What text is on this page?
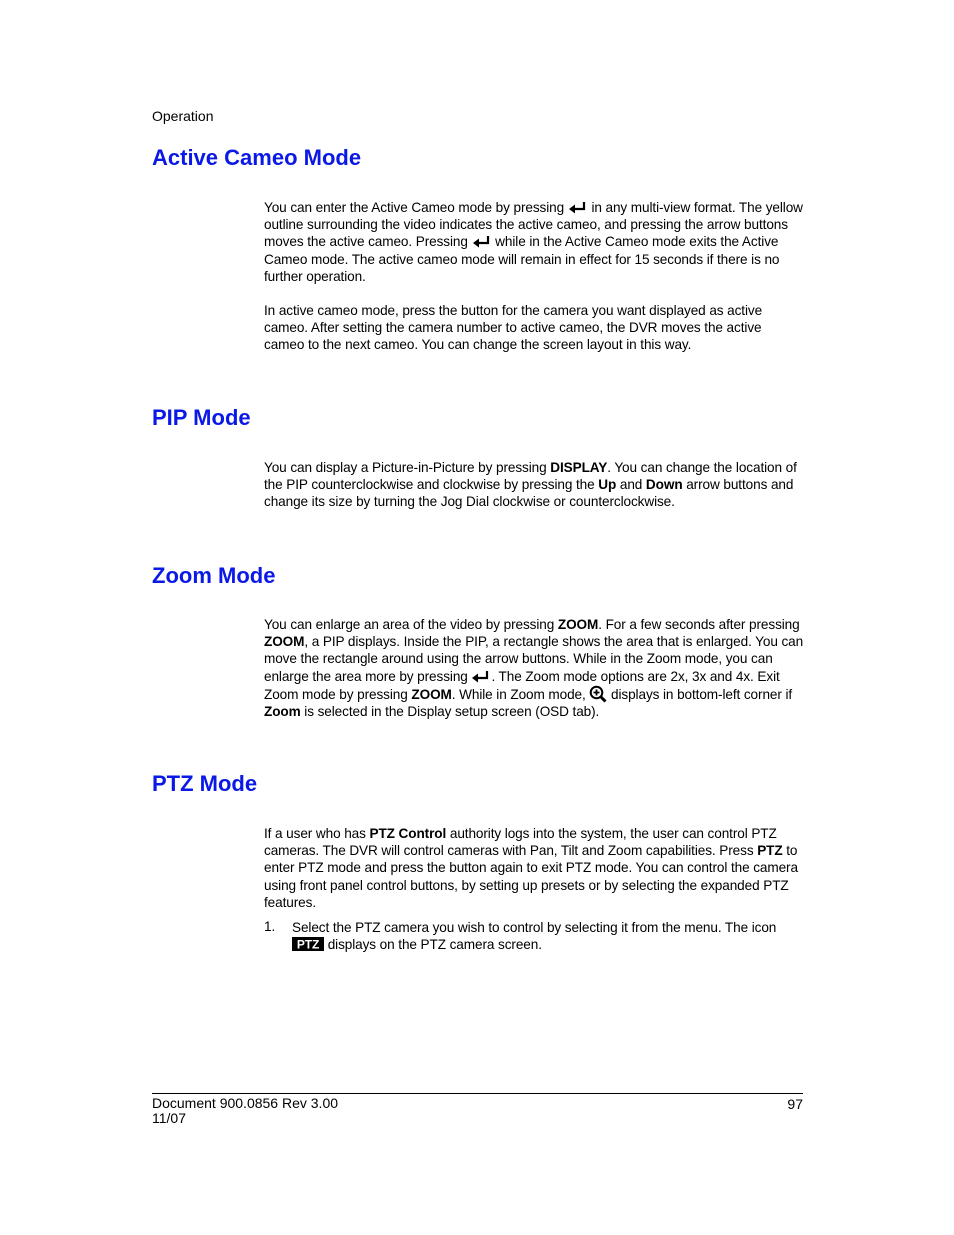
Operation
Active Cameo Mode

You can enter the Active Cameo mode by pressing  in any multi-view format. The yellow outline surrounding the video indicates the active cameo, and pressing the arrow buttons moves the active cameo. Pressing  while in the Active Cameo mode exits the Active Cameo mode. The active cameo mode will remain in effect for 15 seconds if there is no further operation.

In active cameo mode, press the button for the camera you want displayed as active cameo. After setting the camera number to active cameo, the DVR moves the active cameo to the next cameo. You can change the screen layout in this way.

PIP Mode

You can display a Picture-in-Picture by pressing DISPLAY. You can change the location of the PIP counterclockwise and clockwise by pressing the Up and Down arrow buttons and change its size by turning the Jog Dial clockwise or counterclockwise.

Zoom Mode

You can enlarge an area of the video by pressing ZOOM. For a few seconds after pressing ZOOM, a PIP displays. Inside the PIP, a rectangle shows the area that is enlarged. You can move the rectangle around using the arrow buttons. While in the Zoom mode, you can enlarge the area more by pressing . The Zoom mode options are 2x, 3x and 4x. Exit Zoom mode by pressing ZOOM. While in Zoom mode,  displays in bottom-left corner if Zoom is selected in the Display setup screen (OSD tab).

PTZ Mode

If a user who has PTZ Control authority logs into the system, the user can control PTZ cameras. The DVR will control cameras with Pan, Tilt and Zoom capabilities. Press PTZ to enter PTZ mode and press the button again to exit PTZ mode. You can control the camera using front panel control buttons, by setting up presets or by selecting the expanded PTZ features.

1. Select the PTZ camera you wish to control by selecting it from the menu. The icon

PTZ displays on the PTZ camera screen.

Document 900.0856 Rev 3.00
11/07
97
